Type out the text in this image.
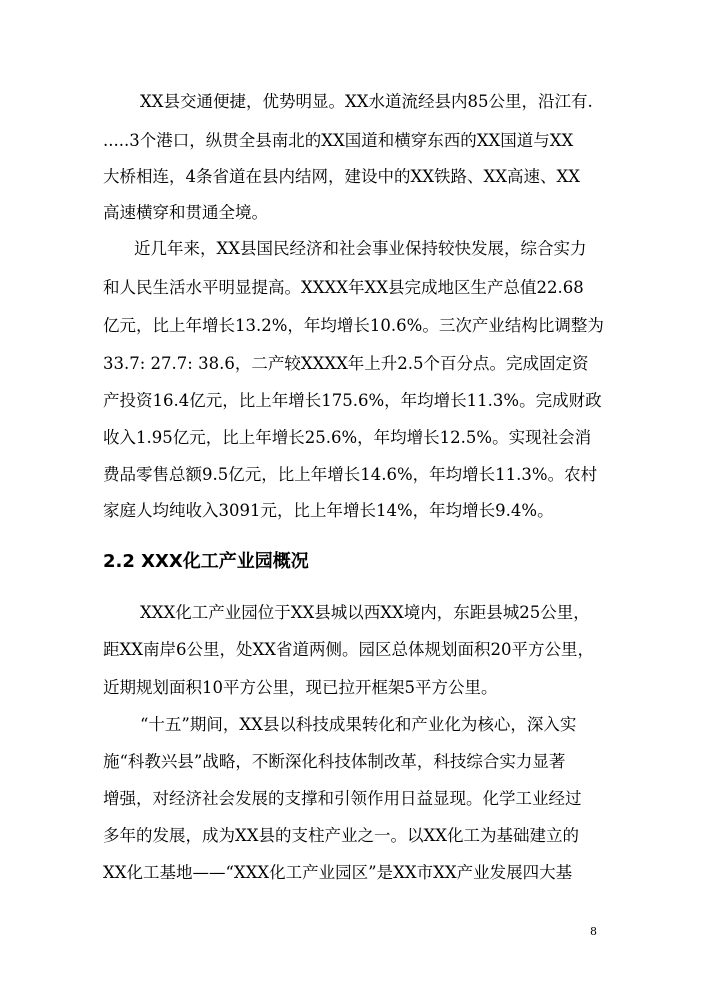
XX县交通便捷，优势明显。XX水道流经县内85公里，沿江有.
.....3个港口，纵贯全县南北的XX国道和横穿东西的XX国道与XX
大桥相连，4条省道在县内结网，建设中的XX铁路、XX高速、XX
高速横穿和贯通全境。
近几年来，XX县国民经济和社会事业保持较快发展，综合实力
和人民生活水平明显提高。XXXX年XX县完成地区生产总值22.68
亿元，比上年增长13.2%，年均增长10.6%。三次产业结构比调整为
33.7: 27.7: 38.6，二产较XXXX年上升2.5个百分点。完成固定资
产投资16.4亿元，比上年增长175.6%，年均增长11.3%。完成财政
收入1.95亿元，比上年增长25.6%，年均增长12.5%。实现社会消
费品零售总额9.5亿元，比上年增长14.6%，年均增长11.3%。农村
家庭人均纯收入3091元，比上年增长14%，年均增长9.4%。
2.2 XXX化工产业园概况
XXX化工产业园位于XX县城以西XX境内，东距县城25公里，
距XX南岸6公里，处XX省道两侧。园区总体规划面积20平方公里，
近期规划面积10平方公里，现已拉开框架5平方公里。
“十五”期间，XX县以科技成果转化和产业化为核心，深入实
施“科教兴县”战略，不断深化科技体制改革，科技综合实力显著
增强，对经济社会发展的支撑和引领作用日益显现。化学工业经过
多年的发展，成为XX县的支柱产业之一。以XX化工为基础建立的
XX化工基地——“XXX化工产业园区”是XX市XX产业发展四大基
8
